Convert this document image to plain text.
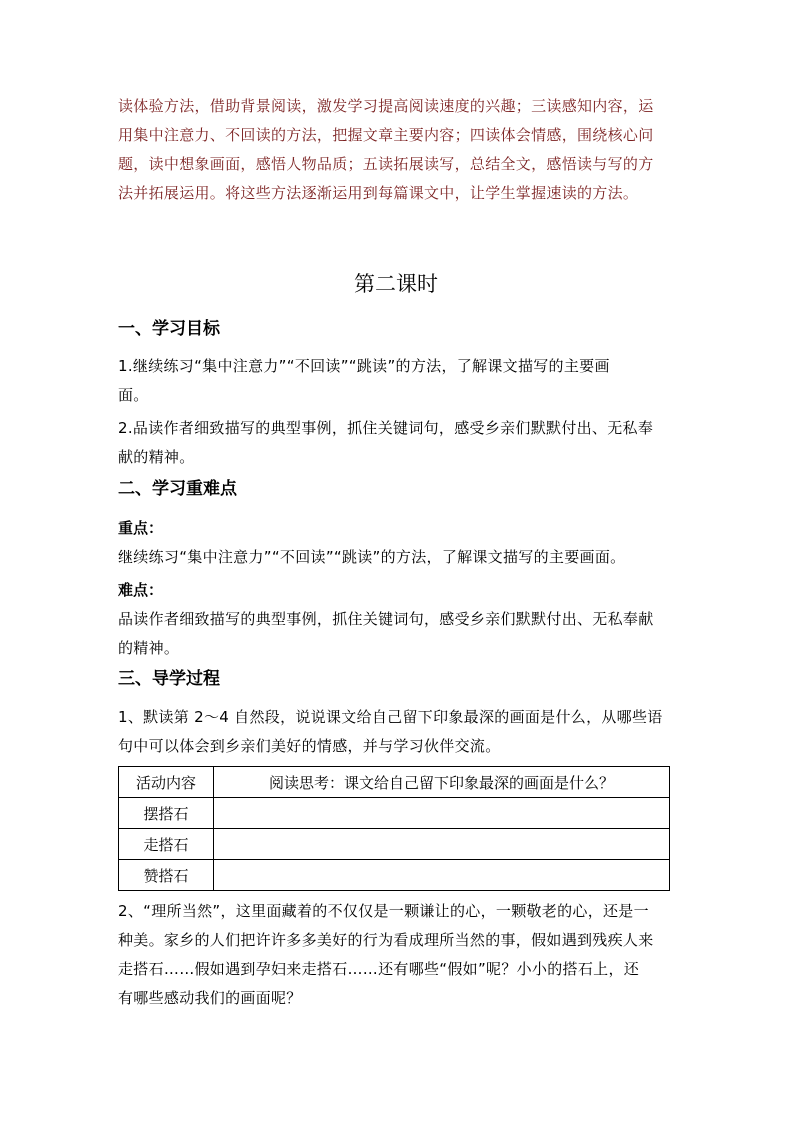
读体验方法，借助背景阅读，激发学习提高阅读速度的兴趣；三读感知内容，运

用集中注意力、不回读的方法，把握文章主要内容；四读体会情感，围绕核心问

题，读中想象画面，感悟人物品质；五读拓展读写，总结全文，感悟读与写的方

法并拓展运用。将这些方法逐渐运用到每篇课文中，让学生掌握速读的方法。

第二课时
一、学习目标
1.继续练习“集中注意力”“不回读”“跳读”的方法，了解课文描写的主要画
面。
2.品读作者细致描写的典型事例，抓住关键词句，感受乡亲们默默付出、无私奉
献的精神。
二、学习重难点
重点：
继续练习“集中注意力”“不回读”“跳读”的方法，了解课文描写的主要画面。
难点：
品读作者细致描写的典型事例，抓住关键词句，感受乡亲们默默付出、无私奉献
的精神。
三、导学过程
1、默读第 2～4 自然段，说说课文给自己留下印象最深的画面是什么，从哪些语
句中可以体会到乡亲们美好的情感，并与学习伙伴交流。
活动内容	阅读思考：课文给自己留下印象最深的画面是什么？
摆搭石	
走搭石	
赞搭石	
2、“理所当然”，这里面藏着的不仅仅是一颗谦让的心，一颗敬老的心，还是一
种美。家乡的人们把许许多多美好的行为看成理所当然的事，假如遇到残疾人来
走搭石……假如遇到孕妇来走搭石……还有哪些“假如”呢？小小的搭石上，还
有哪些感动我们的画面呢？
